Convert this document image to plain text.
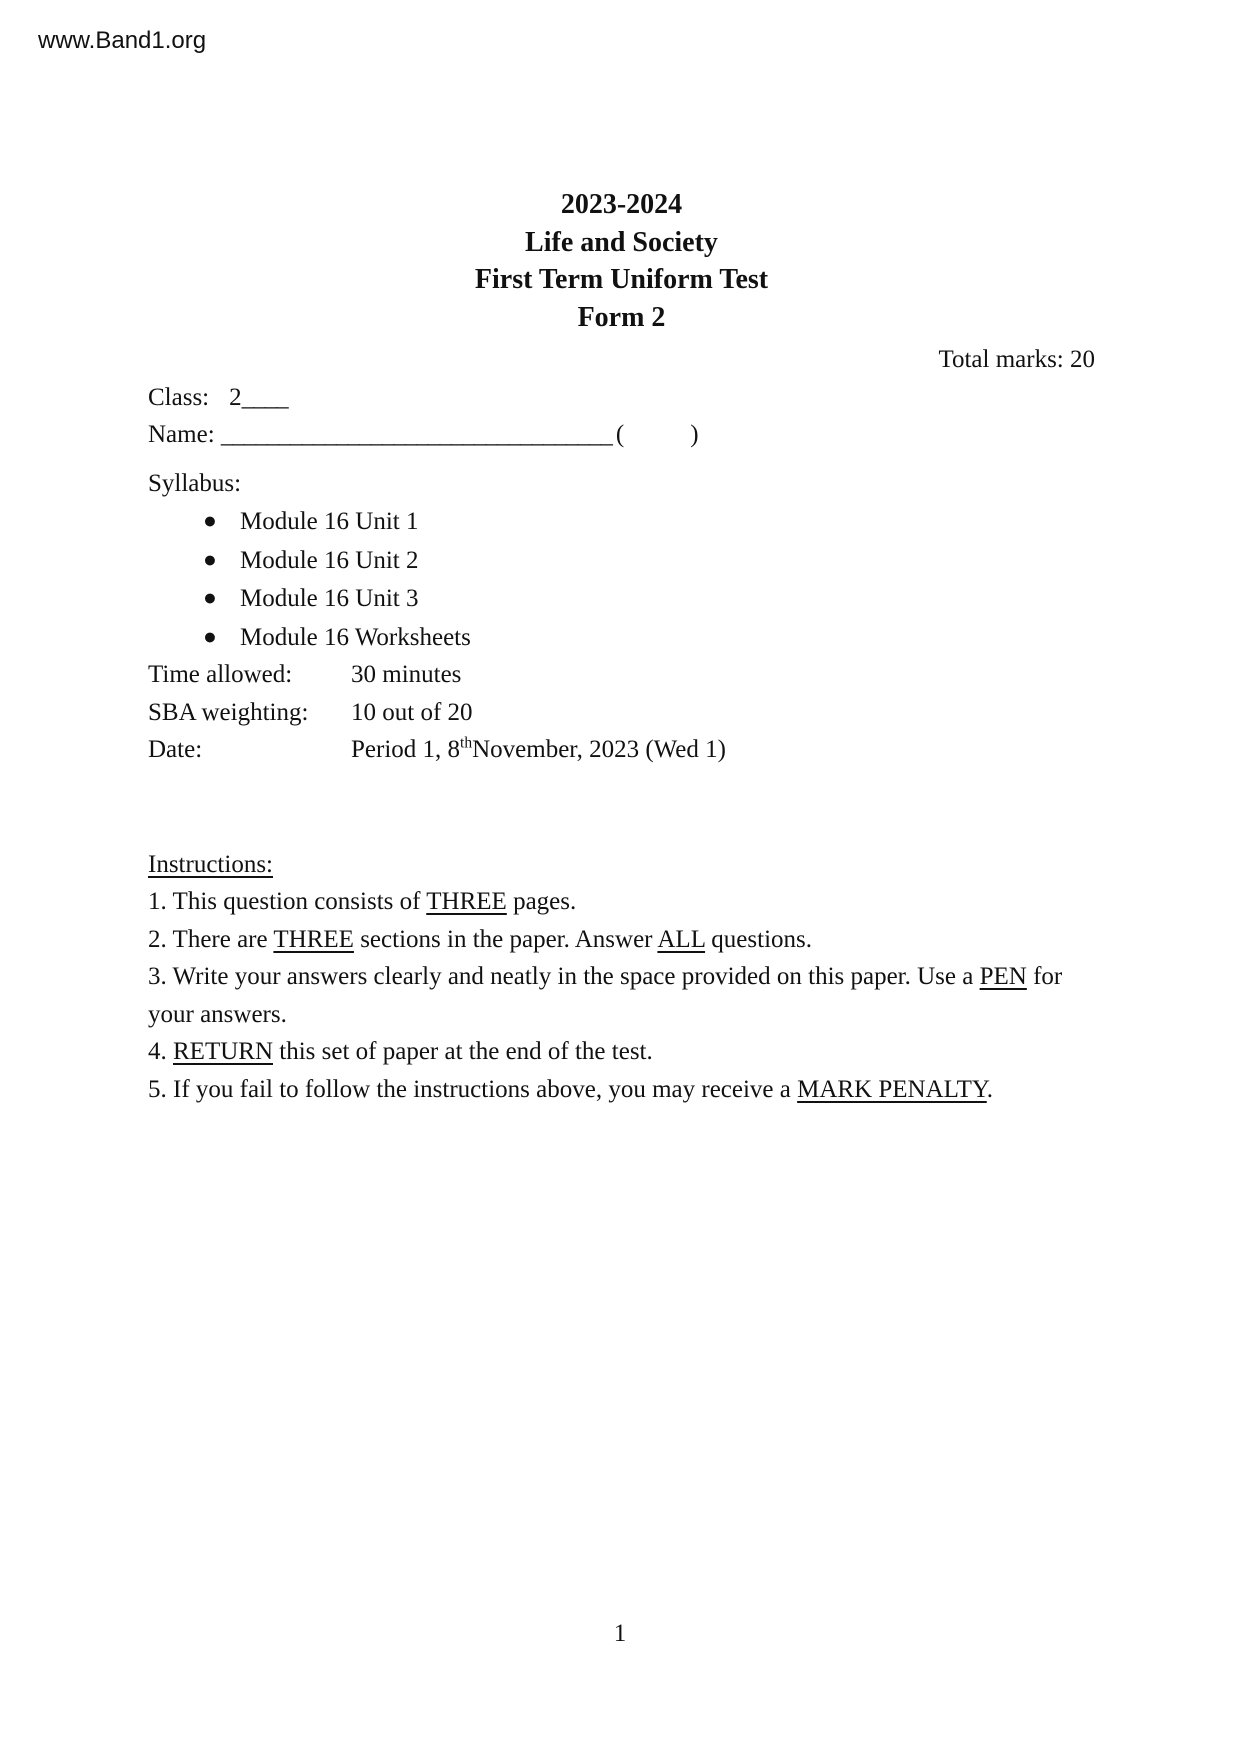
www.Band1.org
2023-2024
Life and Society
First Term Uniform Test
Form 2
Total marks: 20
Class: 2____
Name: __________________________________ (	)
Syllabus:
● Module 16 Unit 1
● Module 16 Unit 2
● Module 16 Unit 3
● Module 16 Worksheets
Time allowed: 30 minutes
SBA weighting: 10 out of 20
Date:	Period 1, 8thNovember, 2023 (Wed 1)
Instructions:
1. This question consists of THREE pages.
2. There are THREE sections in the paper. Answer ALL questions.
3. Write your answers clearly and neatly in the space provided on this paper. Use a PEN for your answers.
4. RETURN this set of paper at the end of the test.
5. If you fail to follow the instructions above, you may receive a MARK PENALTY.
1
